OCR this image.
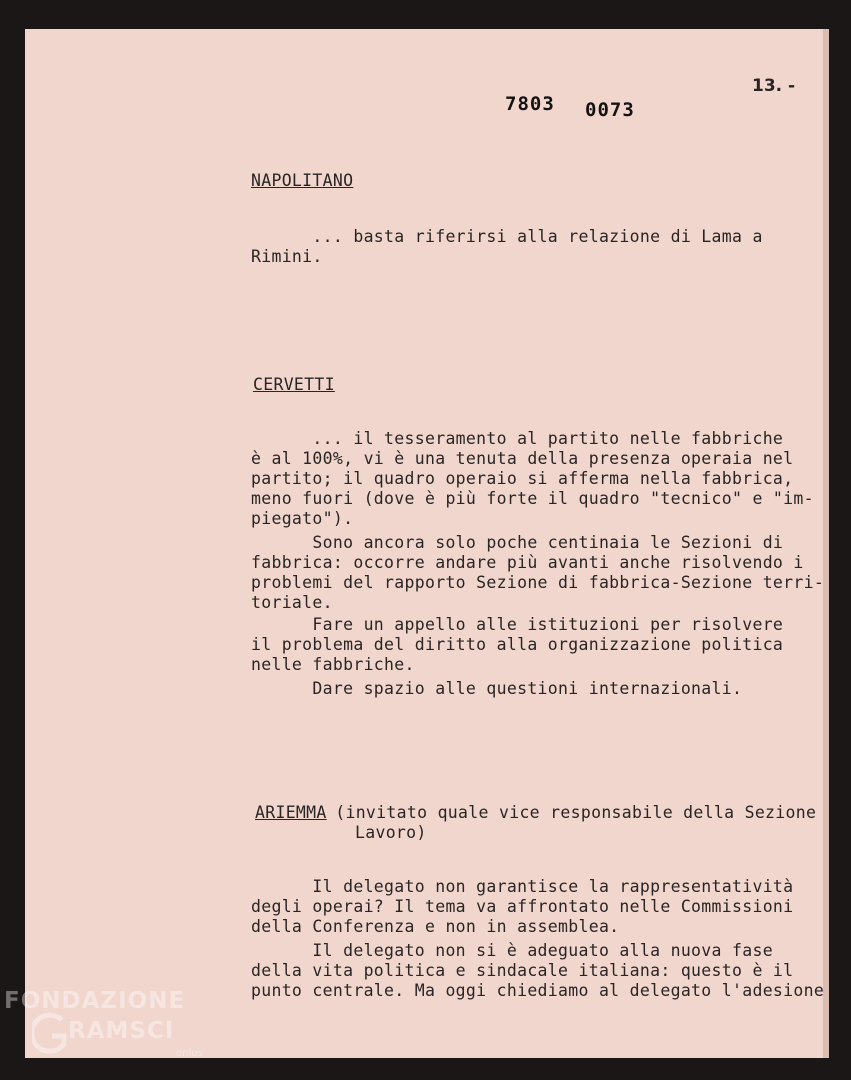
13. -
7803 0073
NAPOLITANO
... basta riferirsi alla relazione di Lama a
Rimini.
CERVETTI
... il tesseramento al partito nelle fabbriche
è al 100%, vi è una tenuta della presenza operaia nel
partito; il quadro operaio si afferma nella fabbrica,
meno fuori (dove è più forte il quadro "tecnico" e "im-
piegato").
Sono ancora solo poche centinaia le Sezioni di
fabbrica: occorre andare più avanti anche risolvendo i
problemi del rapporto Sezione di fabbrica-Sezione terri-
toriale.
Fare un appello alle istituzioni per risolvere
il problema del diritto alla organizzazione politica
nelle fabbriche.
Dare spazio alle questioni internazionali.
ARIEMMA
(invitato quale vice responsabile della Sezione
Lavoro)
Il delegato non garantisce la rappresentatività
degli operai? Il tema va affrontato nelle Commissioni
della Conferenza e non in assemblea.
Il delegato non si è adeguato alla nuova fase
della vita politica e sindacale italiana: questo è il
punto centrale. Ma oggi chiediamo al delegato l'adesione
FONDAZIONE
RAMSCI
onlus
